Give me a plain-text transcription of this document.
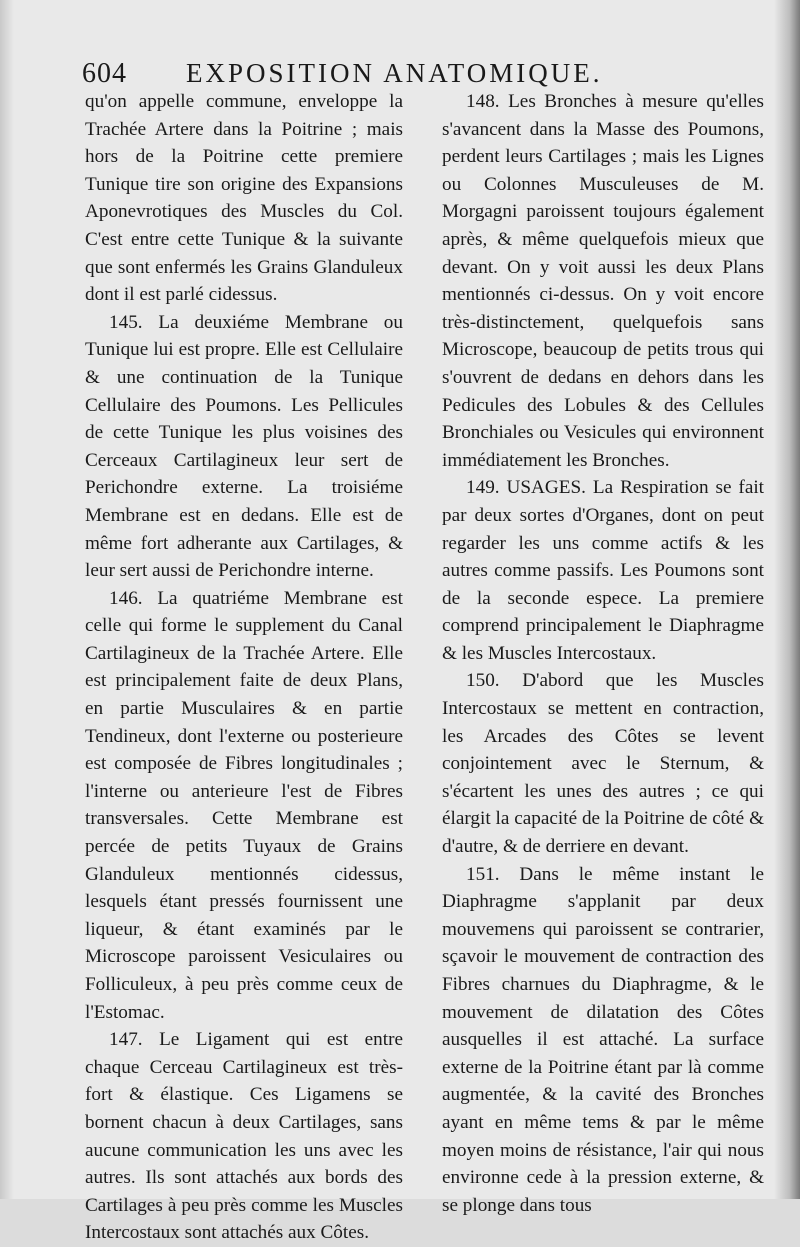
604 EXPOSITION ANATOMIQUE.

qu'on appelle commune, enveloppe la Trachée Artere dans la Poitrine ; mais hors de la Poitrine cette premiere Tunique tire son origine des Expansions Aponevrotiques des Muscles du Col. C'est entre cette Tunique & la suivante que sont enfermés les Grains Glanduleux dont il est parlé cidessus.

145. La deuxiéme Membrane ou Tunique lui est propre. Elle est Cellulaire & une continuation de la Tunique Cellulaire des Poumons. Les Pellicules de cette Tunique les plus voisines des Cerceaux Cartilagineux leur sert de Perichondre externe. La troisiéme Membrane est en dedans. Elle est de même fort adherante aux Cartilages, & leur sert aussi de Perichondre interne.

146. La quatriéme Membrane est celle qui forme le supplement du Canal Cartilagineux de la Trachée Artere. Elle est principalement faite de deux Plans, en partie Musculaires & en partie Tendineux, dont l'externe ou posterieure est composée de Fibres longitudinales ; l'interne ou anterieure l'est de Fibres transversales. Cette Membrane est percée de petits Tuyaux de Grains Glanduleux mentionnés cidessus, lesquels étant pressés fournissent une liqueur, & étant examinés par le Microscope paroissent Vesiculaires ou Folliculeux, à peu près comme ceux de l'Estomac.

147. Le Ligament qui est entre chaque Cerceau Cartilagineux est très-fort & élastique. Ces Ligamens se bornent chacun à deux Cartilages, sans aucune communication les uns avec les autres. Ils sont attachés aux bords des Cartilages à peu près comme les Muscles Intercostaux sont attachés aux Côtes.

148. Les Bronches à mesure qu'elles s'avancent dans la Masse des Poumons, perdent leurs Cartilages ; mais les Lignes ou Colonnes Musculeuses de M. Morgagni paroissent toujours également après, & même quelquefois mieux que devant. On y voit aussi les deux Plans mentionnés ci-dessus. On y voit encore très-distinctement, quelquefois sans Microscope, beaucoup de petits trous qui s'ouvrent de dedans en dehors dans les Pedicules des Lobules & des Cellules Bronchiales ou Vesicules qui environnent immédiatement les Bronches.

149. USAGES. La Respiration se fait par deux sortes d'Organes, dont on peut regarder les uns comme actifs & les autres comme passifs. Les Poumons sont de la seconde espece. La premiere comprend principalement le Diaphragme & les Muscles Intercostaux.

150. D'abord que les Muscles Intercostaux se mettent en contraction, les Arcades des Côtes se levent conjointement avec le Sternum, & s'écartent les unes des autres ; ce qui élargit la capacité de la Poitrine de côté & d'autre, & de derriere en devant.

151. Dans le même instant le Diaphragme s'applanit par deux mouvemens qui paroissent se contrarier, sçavoir le mouvement de contraction des Fibres charnues du Diaphragme, & le mouvement de dilatation des Côtes ausquelles il est attaché. La surface externe de la Poitrine étant par là comme augmentée, & la cavité des Bronches ayant en même tems & par le même moyen moins de résistance, l'air qui nous environne cede à la pression externe, & se plonge dans tous
